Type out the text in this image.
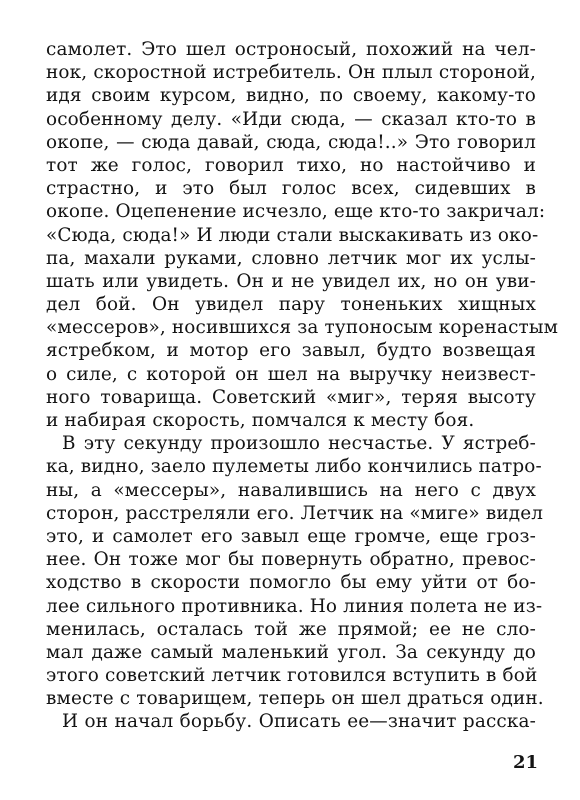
самолет. Это шел остроносый, похожий на чел-
нок, скоростной истребитель. Он плыл стороной,
идя своим курсом, видно, по своему, какому-то
особенному делу. «Иди сюда, — сказал кто-то в
окопе, — сюда давай, сюда, сюда!..» Это говорил
тот же голос, говорил тихо, но настойчиво и
страстно, и это был голос всех, сидевших в
окопе. Оцепенение исчезло, еще кто-то закричал:
«Сюда, сюда!» И люди стали выскакивать из око-
па, махали руками, словно летчик мог их услы-
шать или увидеть. Он и не увидел их, но он уви-
дел бой. Он увидел пару тоненьких хищных
«мессеров», носившихся за тупоносым коренастым
ястребком, и мотор его завыл, будто возвещая
о силе, с которой он шел на выручку неизвест-
ного товарища. Советский «миг», теряя высоту
и набирая скорость, помчался к месту боя.
В эту секунду произошло несчастье. У ястреб-
ка, видно, заело пулеметы либо кончились патро-
ны, а «мессеры», навалившись на него с двух
сторон, расстреляли его. Летчик на «миге» видел
это, и самолет его завыл еще громче, еще гроз-
нее. Он тоже мог бы повернуть обратно, превос-
ходство в скорости помогло бы ему уйти от бо-
лее сильного противника. Но линия полета не из-
менилась, осталась той же прямой; ее не сло-
мал даже самый маленький угол. За секунду до
этого советский летчик готовился вступить в бой
вместе с товарищем, теперь он шел драться один.
И он начал борьбу. Описать ее—значит расска-
21
